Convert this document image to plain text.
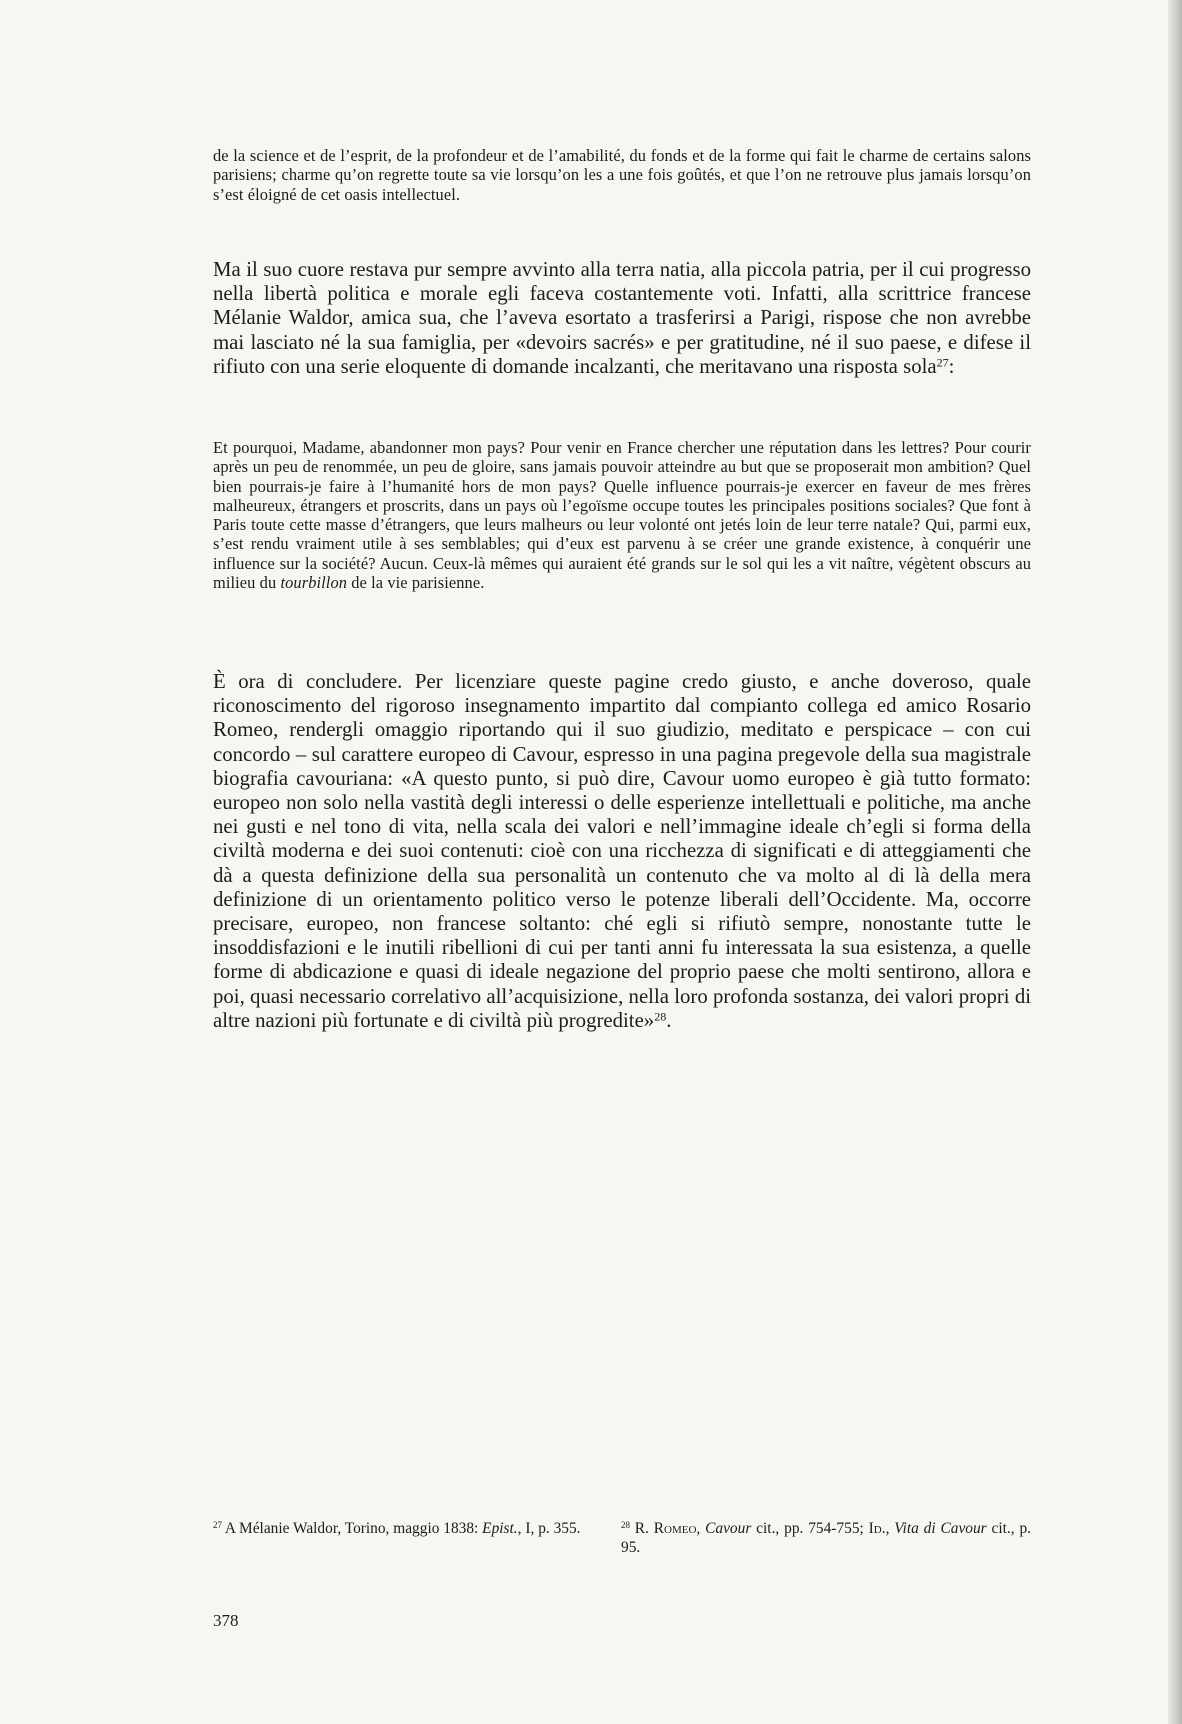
de la science et de l’esprit, de la profondeur et de l’amabilité, du fonds et de la forme qui fait le charme de certains salons parisiens; charme qu’on regrette toute sa vie lorsqu’on les a une fois goûtés, et que l’on ne retrouve plus jamais lorsqu’on s’est éloigné de cet oasis intellectuel.

Ma il suo cuore restava pur sempre avvinto alla terra natia, alla piccola patria, per il cui progresso nella libertà politica e morale egli faceva costantemente voti. Infatti, alla scrittrice francese Mélanie Waldor, amica sua, che l’aveva esortato a trasferirsi a Parigi, rispose che non avrebbe mai lasciato né la sua famiglia, per «devoirs sacrés» e per gratitudine, né il suo paese, e difese il rifiuto con una serie eloquente di domande incalzanti, che meritavano una risposta sola$^{27}$:

Et pourquoi, Madame, abandonner mon pays? Pour venir en France chercher une réputation dans les lettres? Pour courir après un peu de renommée, un peu de gloire, sans jamais pouvoir atteindre au but que se proposerait mon ambition? Quel bien pourrais-je faire à l’humanité hors de mon pays? Quelle influence pourrais-je exercer en faveur de mes frères malheureux, étrangers et proscrits, dans un pays où l’egoïsme occupe toutes les principales positions sociales? Que font à Paris toute cette masse d’étrangers, que leurs malheurs ou leur volonté ont jetés loin de leur terre natale? Qui, parmi eux, s’est rendu vraiment utile à ses semblables; qui d’eux est parvenu à se créer une grande existence, à conquérir une influence sur la société? Aucun. Ceux-là mêmes qui auraient été grands sur le sol qui les a vit naître, végètent obscurs au milieu du tourbillon de la vie parisienne.

È ora di concludere. Per licenziare queste pagine credo giusto, e anche doveroso, quale riconoscimento del rigoroso insegnamento impartito dal compianto collega ed amico Rosario Romeo, rendergli omaggio riportando qui il suo giudizio, meditato e perspicace – con cui concordo – sul carattere europeo di Cavour, espresso in una pagina pregevole della sua magistrale biografia cavouriana: «A questo punto, si può dire, Cavour uomo europeo è già tutto formato: europeo non solo nella vastità degli interessi o delle esperienze intellettuali e politiche, ma anche nei gusti e nel tono di vita, nella scala dei valori e nell’immagine ideale ch’egli si forma della civiltà moderna e dei suoi contenuti: cioè con una ricchezza di significati e di atteggiamenti che dà a questa definizione della sua personalità un contenuto che va molto al di là della mera definizione di un orientamento politico verso le potenze liberali dell’Occidente. Ma, occorre precisare, europeo, non francese soltanto: ché egli si rifiutò sempre, nonostante tutte le insoddisfazioni e le inutili ribellioni di cui per tanti anni fu interessata la sua esistenza, a quelle forme di abdicazione e quasi di ideale negazione del proprio paese che molti sentirono, allora e poi, quasi necessario correlativo all’acquisizione, nella loro profonda sostanza, dei valori propri di altre nazioni più fortunate e di civiltà più progredite»$^{28}$.

$^{27}$ A Mélanie Waldor, Torino, maggio 1838: Epist., I, p. 355.	$^{28}$ R. Romeo, Cavour cit., pp. 754-755; Id., Vita di Cavour cit., p. 95.
378
